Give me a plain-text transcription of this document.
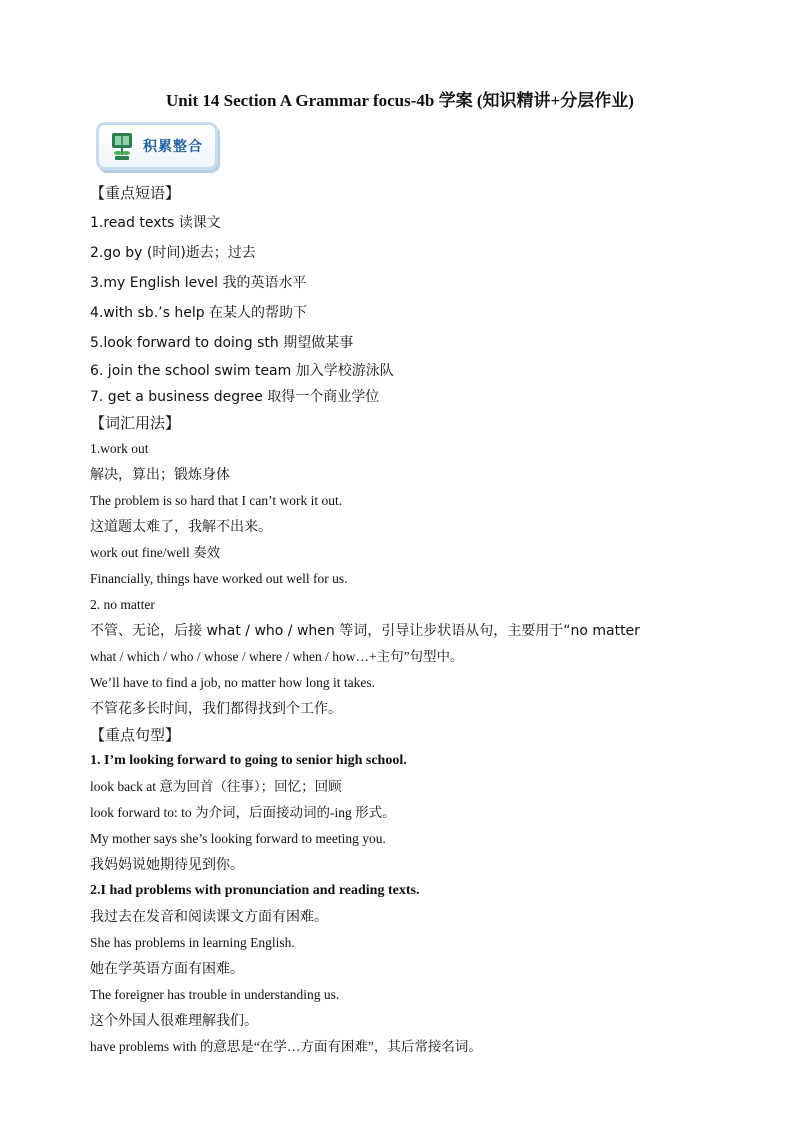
Unit 14 Section A Grammar focus-4b 学案 (知识精讲+分层作业)
积累整合
【重点短语】
1.read texts 读课文
2.go by (时间)逝去；过去
3.my English level 我的英语水平
4.with sb.’s help 在某人的帮助下
5.look forward to doing sth 期望做某事
6. join the school swim team 加入学校游泳队
7. get a business degree 取得一个商业学位
【词汇用法】
1.work out
解决，算出；锻炼身体
The problem is so hard that I can’t work it out.
这道题太难了，我解不出来。
work out fine/well 奏效
Financially, things have worked out well for us.
2. no matter
不管、无论，后接 what / who / when 等词，引导让步状语从句，主要用于“no matter
what / which / who / whose / where / when / how…+主句”句型中。
We’ll have to find a job, no matter how long it takes.
不管花多长时间，我们都得找到个工作。
【重点句型】
1. I’m looking forward to going to senior high school.
look back at 意为回首（往事）；回忆；回顾
look forward to: to 为介词，后面接动词的-ing 形式。
My mother says she’s looking forward to meeting you.
我妈妈说她期待见到你。
2.I had problems with pronunciation and reading texts.
我过去在发音和阅读课文方面有困难。
She has problems in learning English.
她在学英语方面有困难。
The foreigner has trouble in understanding us.
这个外国人很难理解我们。
have problems with 的意思是“在学…方面有困难”，其后常接名词。
